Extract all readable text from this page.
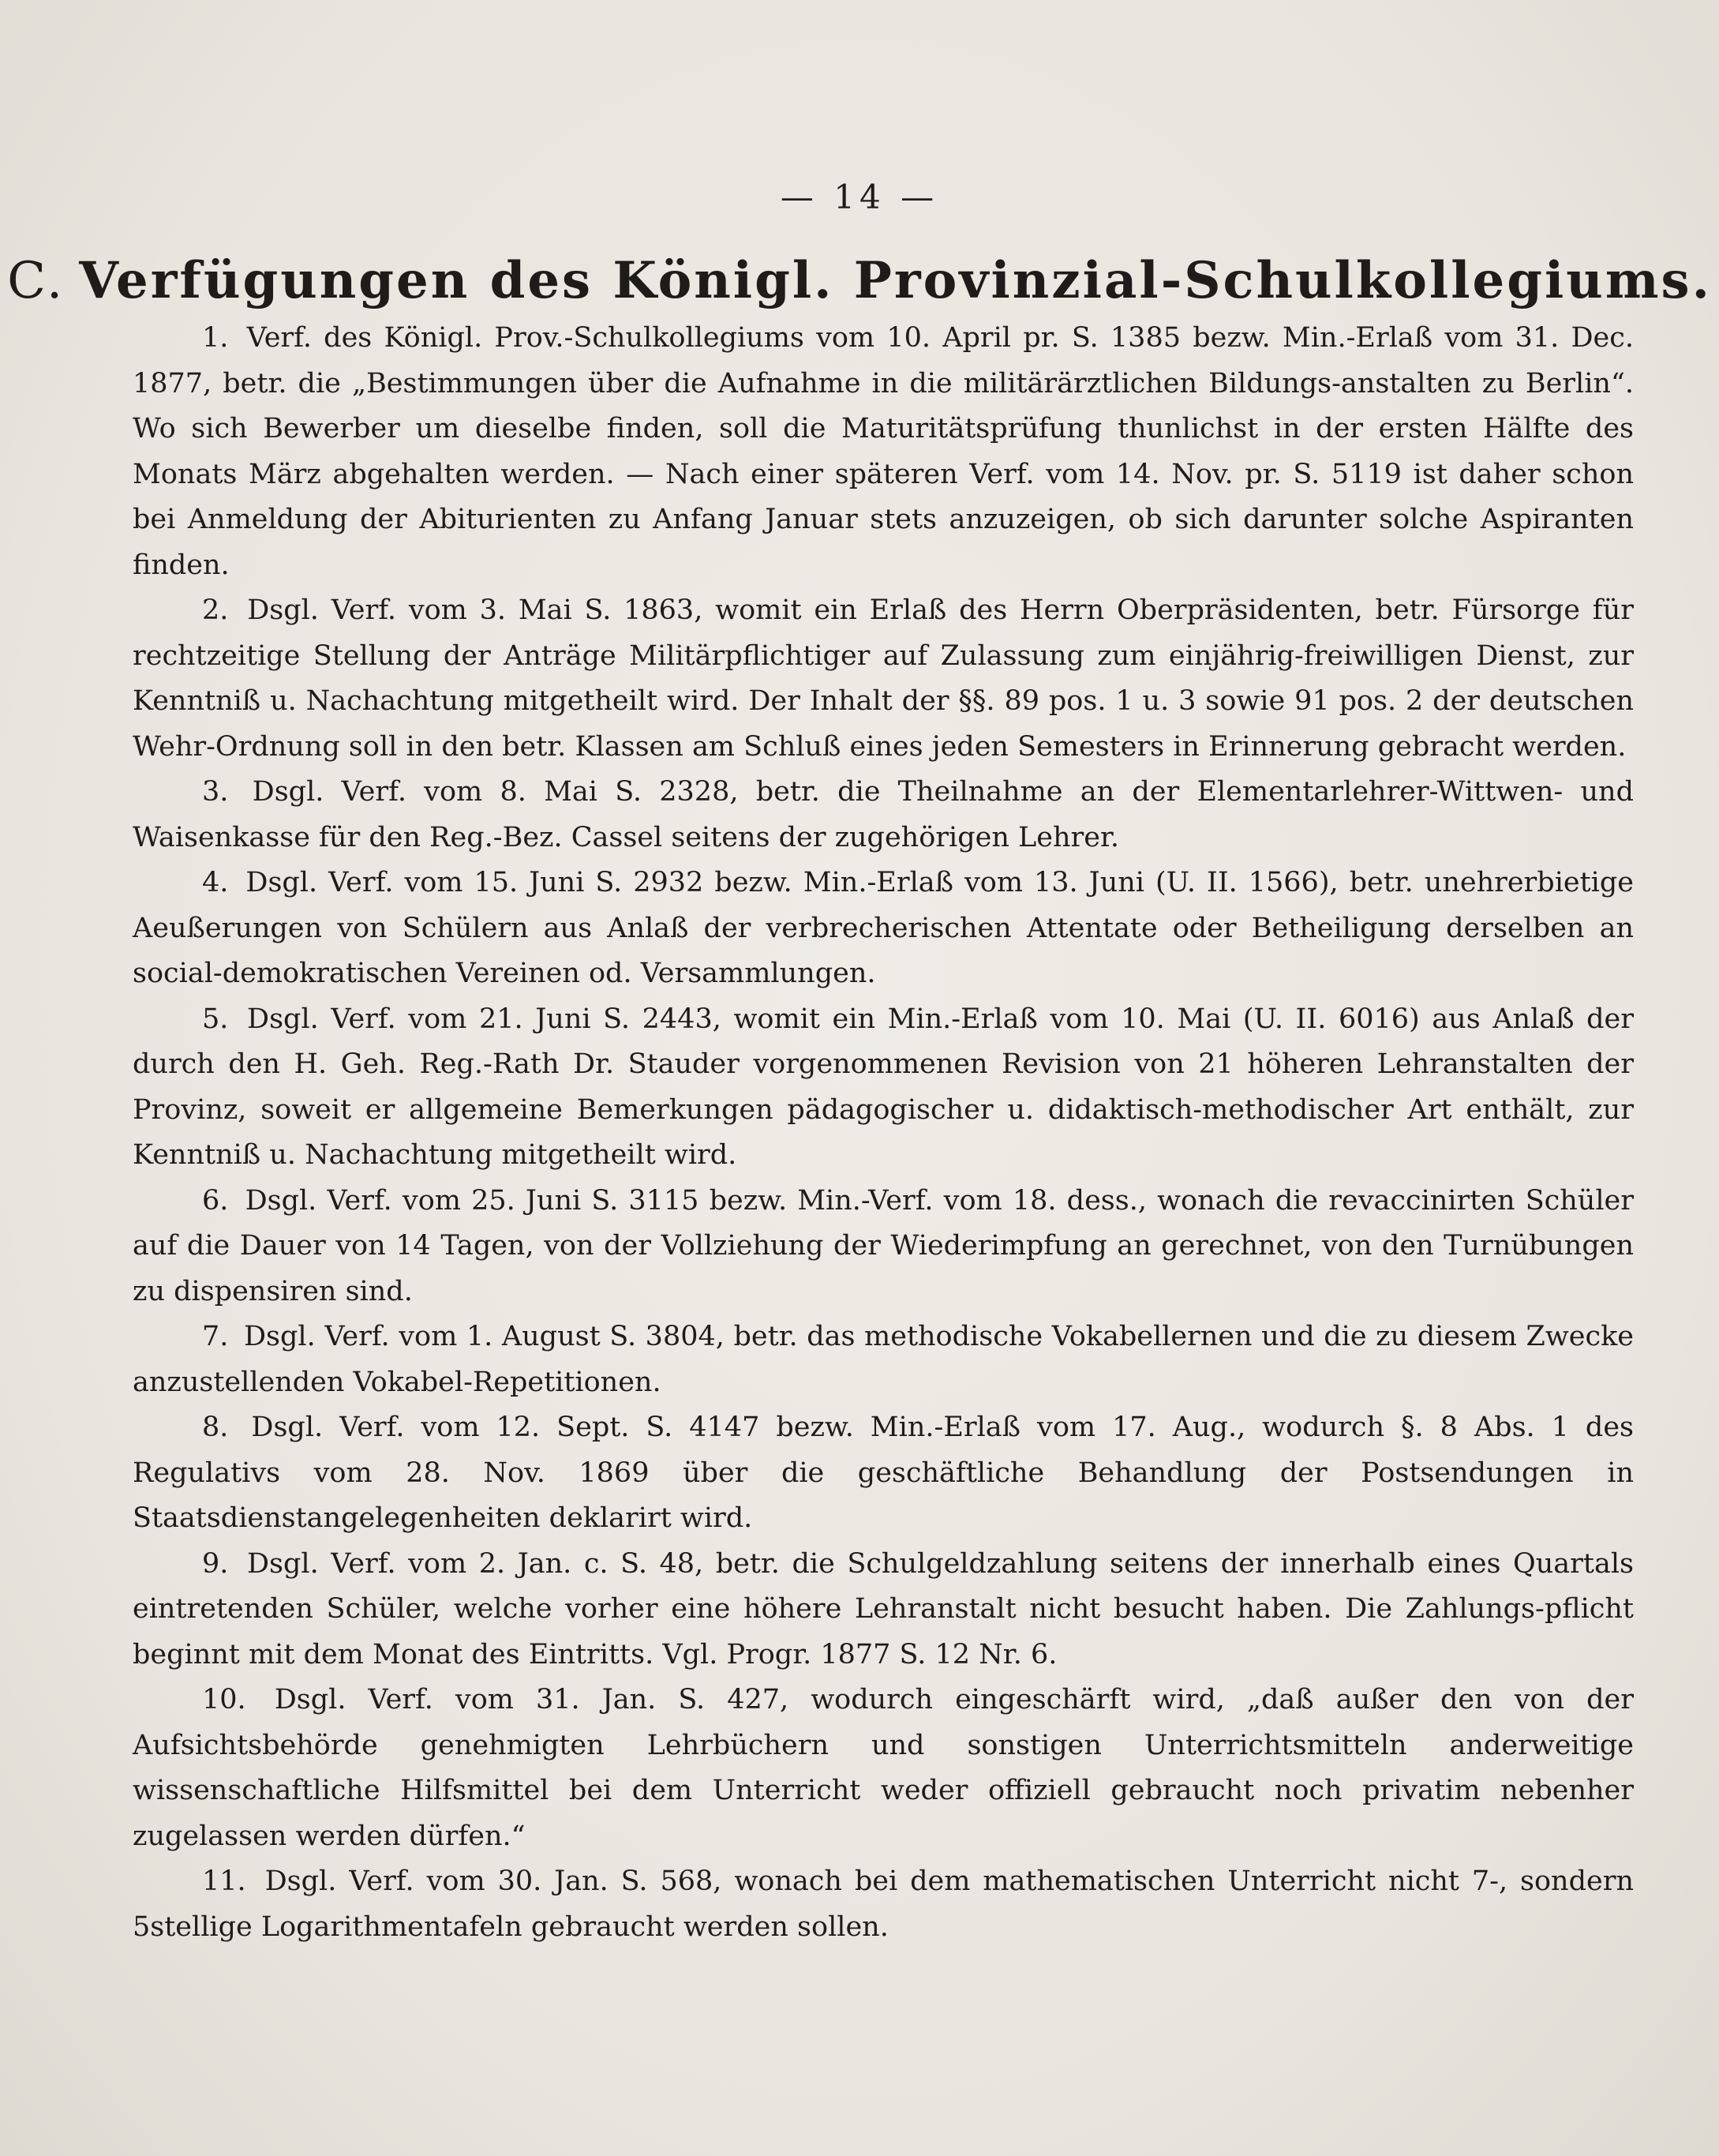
— 14 —
C. Verfügungen des Königl. Provinzial-Schulkollegiums.

1. Verf. des Königl. Prov.-Schulkollegiums vom 10. April pr. S. 1385 bezw. Min.-Erlaß vom 31. Dec. 1877, betr. die „Bestimmungen über die Aufnahme in die militärärztlichen Bildungs-anstalten zu Berlin“. Wo sich Bewerber um dieselbe finden, soll die Maturitätsprüfung thunlichst in der ersten Hälfte des Monats März abgehalten werden. — Nach einer späteren Verf. vom 14. Nov. pr. S. 5119 ist daher schon bei Anmeldung der Abiturienten zu Anfang Januar stets anzuzeigen, ob sich darunter solche Aspiranten finden.

2. Dsgl. Verf. vom 3. Mai S. 1863, womit ein Erlaß des Herrn Oberpräsidenten, betr. Fürsorge für rechtzeitige Stellung der Anträge Militärpflichtiger auf Zulassung zum einjährig-freiwilligen Dienst, zur Kenntniß u. Nachachtung mitgetheilt wird. Der Inhalt der §§. 89 pos. 1 u. 3 sowie 91 pos. 2 der deutschen Wehr-Ordnung soll in den betr. Klassen am Schluß eines jeden Semesters in Erinnerung gebracht werden.

3. Dsgl. Verf. vom 8. Mai S. 2328, betr. die Theilnahme an der Elementarlehrer-Wittwen- und Waisenkasse für den Reg.-Bez. Cassel seitens der zugehörigen Lehrer.

4. Dsgl. Verf. vom 15. Juni S. 2932 bezw. Min.-Erlaß vom 13. Juni (U. II. 1566), betr. unehrerbietige Aeußerungen von Schülern aus Anlaß der verbrecherischen Attentate oder Betheiligung derselben an social-demokratischen Vereinen od. Versammlungen.

5. Dsgl. Verf. vom 21. Juni S. 2443, womit ein Min.-Erlaß vom 10. Mai (U. II. 6016) aus Anlaß der durch den H. Geh. Reg.-Rath Dr. Stauder vorgenommenen Revision von 21 höheren Lehranstalten der Provinz, soweit er allgemeine Bemerkungen pädagogischer u. didaktisch-methodischer Art enthält, zur Kenntniß u. Nachachtung mitgetheilt wird.

6. Dsgl. Verf. vom 25. Juni S. 3115 bezw. Min.-Verf. vom 18. dess., wonach die revaccinirten Schüler auf die Dauer von 14 Tagen, von der Vollziehung der Wiederimpfung an gerechnet, von den Turnübungen zu dispensiren sind.

7. Dsgl. Verf. vom 1. August S. 3804, betr. das methodische Vokabellernen und die zu diesem Zwecke anzustellenden Vokabel-Repetitionen.

8. Dsgl. Verf. vom 12. Sept. S. 4147 bezw. Min.-Erlaß vom 17. Aug., wodurch §. 8 Abs. 1 des Regulativs vom 28. Nov. 1869 über die geschäftliche Behandlung der Postsendungen in Staatsdienstangelegenheiten deklarirt wird.

9. Dsgl. Verf. vom 2. Jan. c. S. 48, betr. die Schulgeldzahlung seitens der innerhalb eines Quartals eintretenden Schüler, welche vorher eine höhere Lehranstalt nicht besucht haben. Die Zahlungs-pflicht beginnt mit dem Monat des Eintritts. Vgl. Progr. 1877 S. 12 Nr. 6.

10. Dsgl. Verf. vom 31. Jan. S. 427, wodurch eingeschärft wird, „daß außer den von der Aufsichtsbehörde genehmigten Lehrbüchern und sonstigen Unterrichtsmitteln anderweitige wissenschaftliche Hilfsmittel bei dem Unterricht weder offiziell gebraucht noch privatim nebenher zugelassen werden dürfen.“

11. Dsgl. Verf. vom 30. Jan. S. 568, wonach bei dem mathematischen Unterricht nicht 7-, sondern 5stellige Logarithmentafeln gebraucht werden sollen.
